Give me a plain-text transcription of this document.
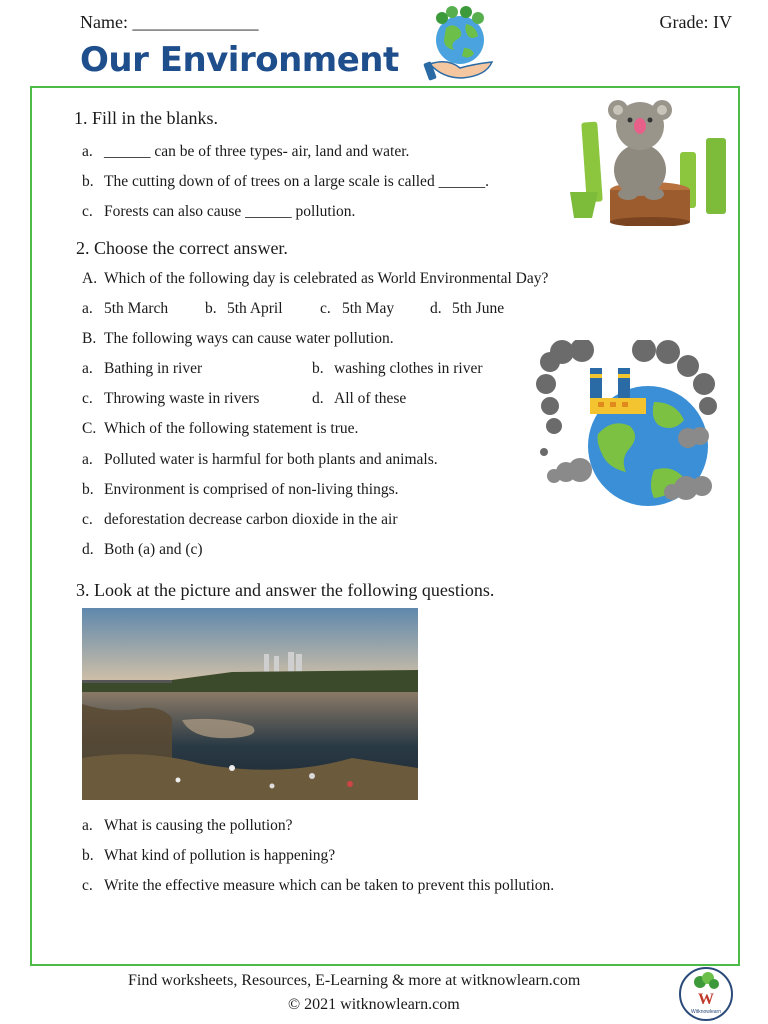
Name: ______________	Grade: IV
Our Environment
1. Fill in the blanks.
a. ______ can be of three types- air, land and water.
b. The cutting down of of trees on a large scale is called ______.
c. Forests can also cause ______ pollution.
2. Choose the correct answer.
A. Which of the following day is celebrated as World Environmental Day?
a. 5th March b. 5th April c. 5th May d. 5th June
B. The following ways can cause water pollution.
a. Bathing in river	b. washing clothes in river
c. Throwing waste in rivers	d. All of these
C. Which of the following statement is true.
a. Polluted water is harmful for both plants and animals.
b. Environment is comprised of non-living things.
c. deforestation decrease carbon dioxide in the air
d. Both (a) and (c)
3. Look at the picture and answer the following questions.
a. What is causing the pollution?
b. What kind of pollution is happening?
c. Write the effective measure which can be taken to prevent this pollution.
Find worksheets, Resources, E-Learning & more at witknowlearn.com
© 2021 witknowlearn.com	W
Witknowlearn
